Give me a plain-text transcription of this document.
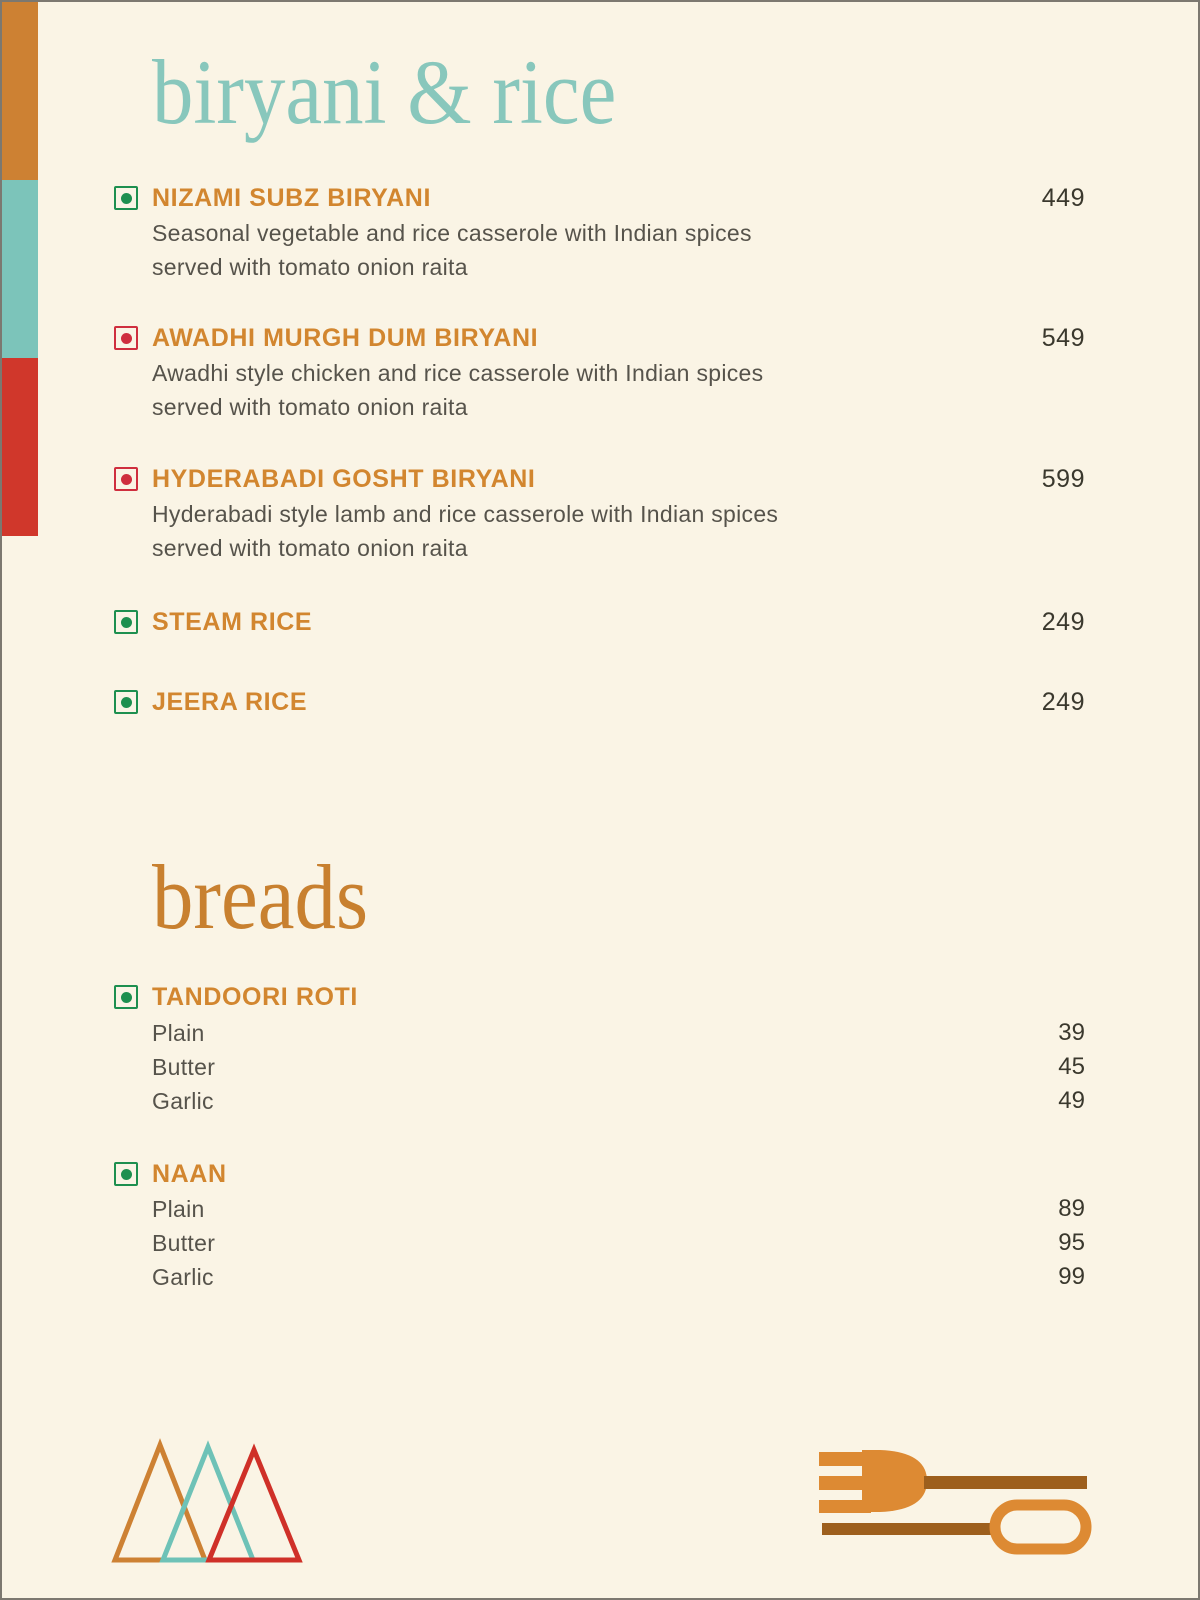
biryani & rice
NIZAMI SUBZ BIRYANI	449
Seasonal vegetable and rice casserole with Indian spices
served with tomato onion raita
AWADHI MURGH DUM BIRYANI	549
Awadhi style chicken and rice casserole with Indian spices
served with tomato onion raita
HYDERABADI GOSHT BIRYANI	599
Hyderabadi style lamb and rice casserole with Indian spices
served with tomato onion raita
STEAM RICE	249
JEERA RICE	249
breads
TANDOORI ROTI
Plain	39
Butter	45
Garlic	49
NAAN
Plain	89
Butter	95
Garlic	99
